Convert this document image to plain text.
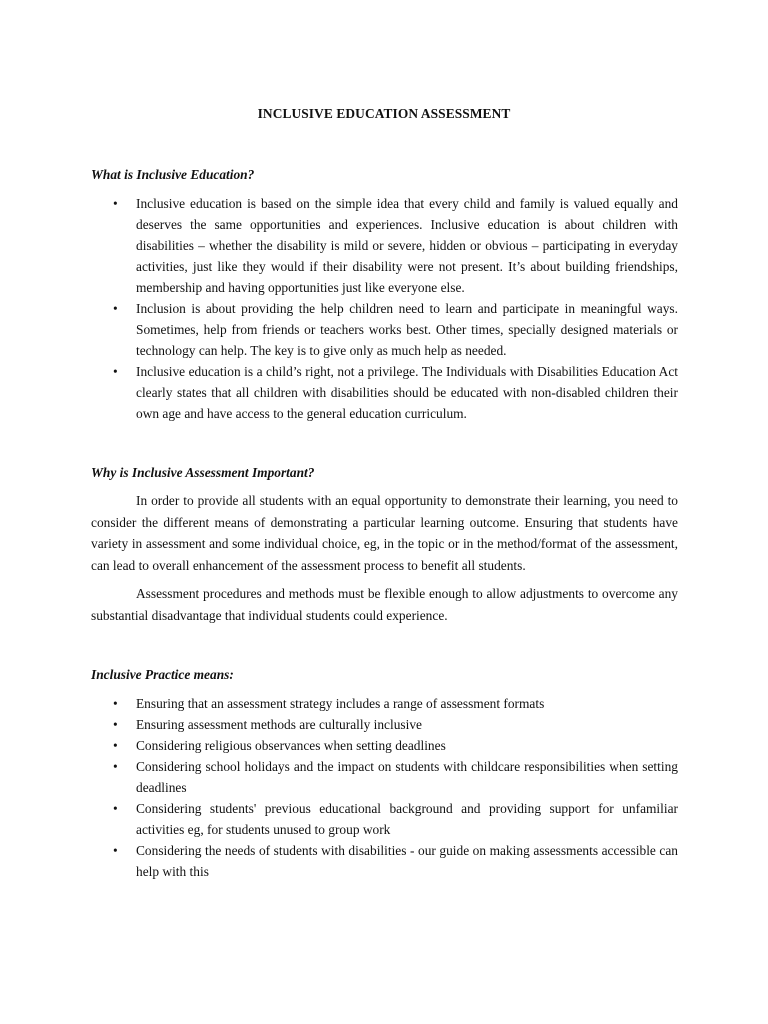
INCLUSIVE EDUCATION ASSESSMENT
What is Inclusive Education?
• Inclusive education is based on the simple idea that every child and family is valued equally and deserves the same opportunities and experiences. Inclusive education is about children with disabilities – whether the disability is mild or severe, hidden or obvious – participating in everyday activities, just like they would if their disability were not present. It’s about building friendships, membership and having opportunities just like everyone else.
• Inclusion is about providing the help children need to learn and participate in meaningful ways. Sometimes, help from friends or teachers works best. Other times, specially designed materials or technology can help. The key is to give only as much help as needed.
• Inclusive education is a child’s right, not a privilege. The Individuals with Disabilities Education Act clearly states that all children with disabilities should be educated with non-disabled children their own age and have access to the general education curriculum.
Why is Inclusive Assessment Important?

In order to provide all students with an equal opportunity to demonstrate their learning, you need to consider the different means of demonstrating a particular learning outcome. Ensuring that students have variety in assessment and some individual choice, eg, in the topic or in the method/format of the assessment, can lead to overall enhancement of the assessment process to benefit all students.

Assessment procedures and methods must be flexible enough to allow adjustments to overcome any substantial disadvantage that individual students could experience.

Inclusive Practice means:
• Ensuring that an assessment strategy includes a range of assessment formats
• Ensuring assessment methods are culturally inclusive
• Considering religious observances when setting deadlines
• Considering school holidays and the impact on students with childcare responsibilities when setting deadlines
• Considering students' previous educational background and providing support for unfamiliar activities eg, for students unused to group work
• Considering the needs of students with disabilities - our guide on making assessments accessible can help with this
